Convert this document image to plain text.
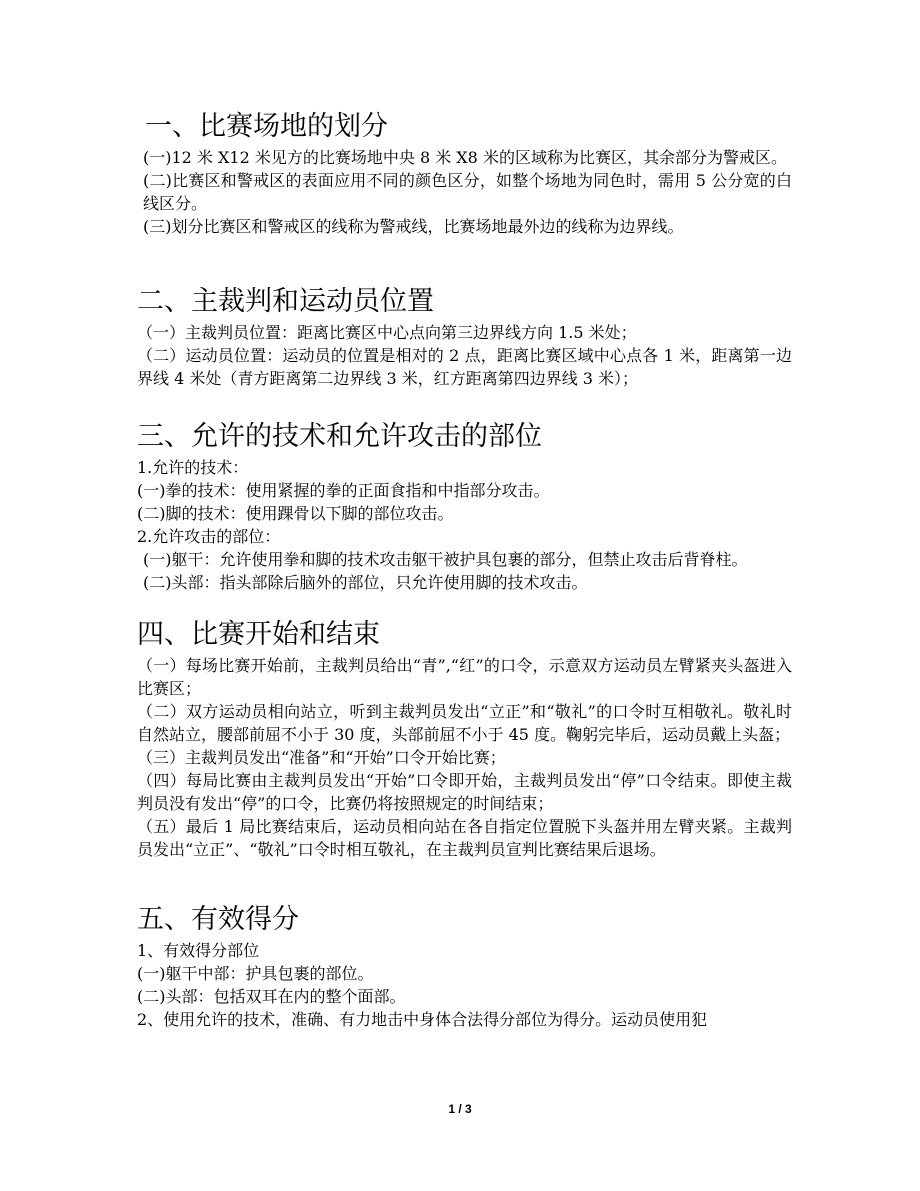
一、比赛场地的划分

(一)12 米 X12 米见方的比赛场地中央 8 米 X8 米的区域称为比赛区，其余部分为警戒区。

(二)比赛区和警戒区的表面应用不同的颜色区分，如整个场地为同色时，需用 5 公分宽的白线区分。

(三)划分比赛区和警戒区的线称为警戒线，比赛场地最外边的线称为边界线。

二、主裁判和运动员位置

（一）主裁判员位置：距离比赛区中心点向第三边界线方向 1.5 米处；

（二）运动员位置：运动员的位置是相对的 2 点，距离比赛区域中心点各 1 米，距离第一边界线 4 米处（青方距离第二边界线 3 米，红方距离第四边界线 3 米）；

三、允许的技术和允许攻击的部位

1.允许的技术：

(一)拳的技术：使用紧握的拳的正面食指和中指部分攻击。

(二)脚的技术：使用踝骨以下脚的部位攻击。

2.允许攻击的部位：

(一)躯干：允许使用拳和脚的技术攻击躯干被护具包裹的部分，但禁止攻击后背脊柱。

(二)头部：指头部除后脑外的部位，只允许使用脚的技术攻击。

四、比赛开始和结束

（一）每场比赛开始前，主裁判员给出“青”,“红”的口令，示意双方运动员左臂紧夹头盔进入比赛区；

（二）双方运动员相向站立，听到主裁判员发出“立正”和“敬礼”的口令时互相敬礼。敬礼时自然站立，腰部前屈不小于 30 度，头部前屈不小于 45 度。鞠躬完毕后，运动员戴上头盔；

（三）主裁判员发出“准备”和“开始”口令开始比赛；

（四）每局比赛由主裁判员发出“开始”口令即开始，主裁判员发出“停”口令结束。即使主裁判员没有发出“停”的口令，比赛仍将按照规定的时间结束；

（五）最后 1 局比赛结束后，运动员相向站在各自指定位置脱下头盔并用左臂夹紧。主裁判员发出“立正”、“敬礼”口令时相互敬礼，在主裁判员宣判比赛结果后退场。

五、有效得分

1、有效得分部位

(一)躯干中部：护具包裹的部位。

(二)头部：包括双耳在内的整个面部。

2、使用允许的技术，准确、有力地击中身体合法得分部位为得分。运动员使用犯

1 / 3
